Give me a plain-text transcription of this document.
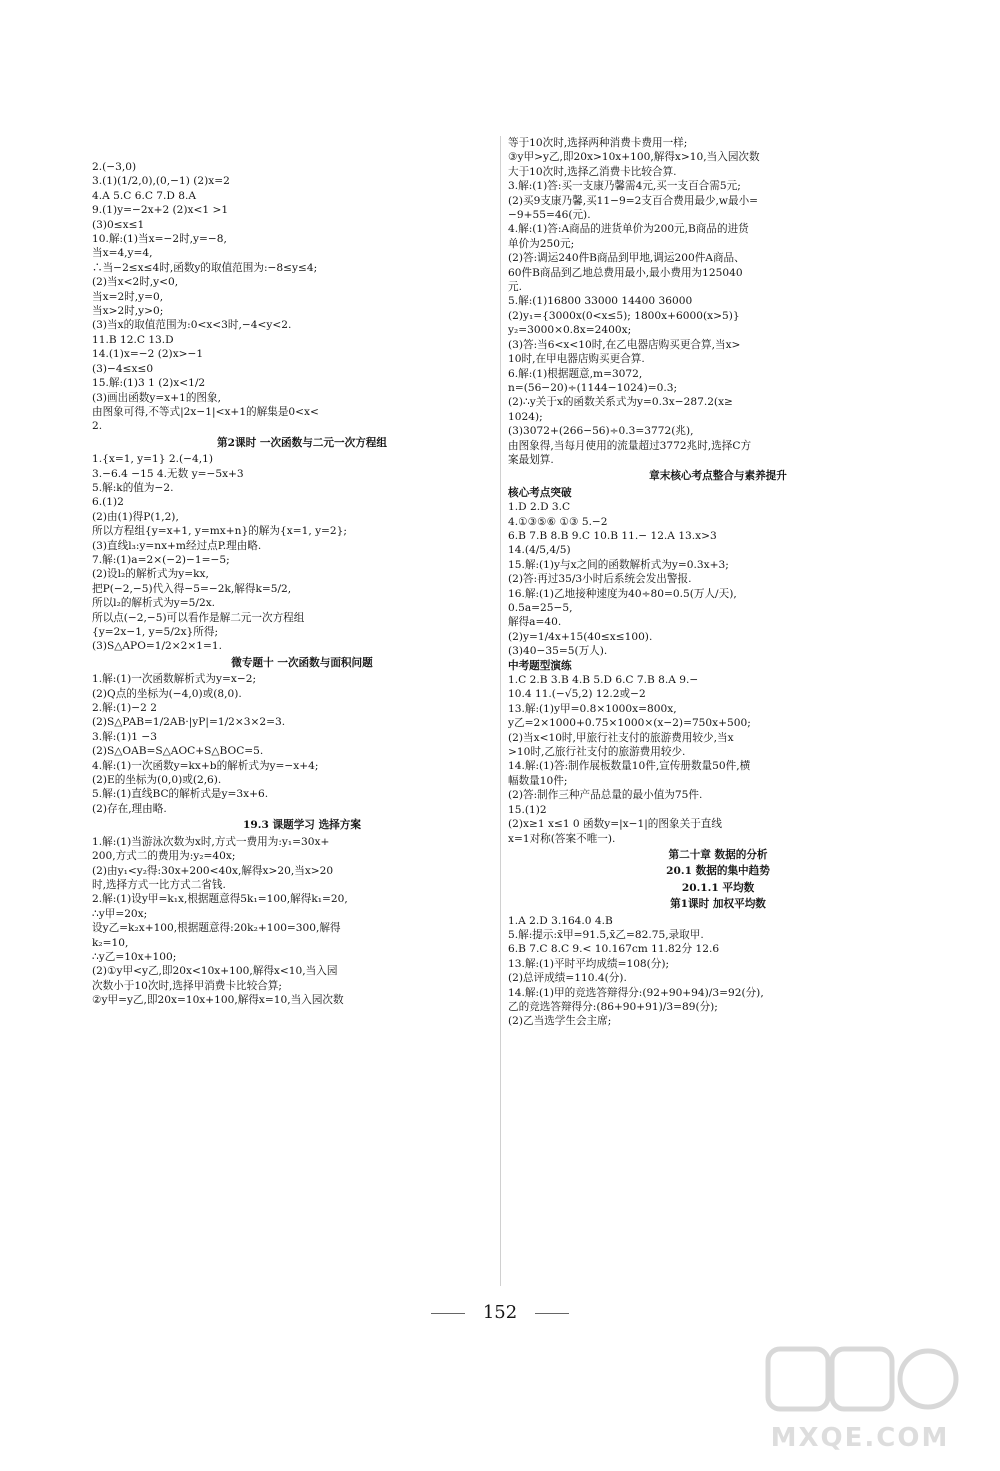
2.(−3,0)
3.(1)(1/2,0),(0,−1) (2)x=2
4.A 5.C 6.C 7.D 8.A
9.(1)y=−2x+2 (2)x<1 >1
(3)0≤x≤1
10.解:(1)当x=−2时,y=−8,
当x=4,y=4,
∴当−2≤x≤4时,函数y的取值范围为:−8≤y≤4;
(2)当x<2时,y<0,
当x=2时,y=0,
当x>2时,y>0;
(3)当x的取值范围为:0<x<3时,−4<y<2.
11.B 12.C 13.D
14.(1)x=−2 (2)x>−1
(3)−4≤x≤0
15.解:(1)3 1 (2)x<1/2
(3)画出函数y=x+1的图象,
由图象可得,不等式|2x−1|<x+1的解集是0<x<
2.
第2课时 一次函数与二元一次方程组
1.{x=1, y=1} 2.(−4,1)
3.−6.4 −15 4.无数 y=−5x+3
5.解:k的值为−2.
6.(1)2
(2)由(1)得P(1,2),
所以方程组{y=x+1, y=mx+n}的解为{x=1, y=2};
(3)直线l₃:y=nx+m经过点P.理由略.
7.解:(1)a=2×(−2)−1=−5;
(2)设l₂的解析式为y=kx,
把P(−2,−5)代入得−5=−2k,解得k=5/2,
所以l₂的解析式为y=5/2x.
所以点(−2,−5)可以看作是解二元一次方程组
{y=2x−1, y=5/2x}所得;
(3)S△APO=1/2×2×1=1.
微专题十 一次函数与面积问题
1.解:(1)一次函数解析式为y=x−2;
(2)Q点的坐标为(−4,0)或(8,0).
2.解:(1)−2 2
(2)S△PAB=1/2AB·|yP|=1/2×3×2=3.
3.解:(1)1 −3
(2)S△OAB=S△AOC+S△BOC=5.
4.解:(1)一次函数y=kx+b的解析式为y=−x+4;
(2)E的坐标为(0,0)或(2,6).
5.解:(1)直线BC的解析式是y=3x+6.
(2)存在,理由略.
19.3 课题学习 选择方案
1.解:(1)当游泳次数为x时,方式一费用为:y₁=30x+
200,方式二的费用为:y₂=40x;
(2)由y₁<y₂得:30x+200<40x,解得x>20,当x>20
时,选择方式一比方式二省钱.
2.解:(1)设y甲=k₁x,根据题意得5k₁=100,解得k₁=20,
∴y甲=20x;
设y乙=k₂x+100,根据题意得:20k₂+100=300,解得
k₂=10,
∴y乙=10x+100;
(2)①y甲<y乙,即20x<10x+100,解得x<10,当入园
次数小于10次时,选择甲消费卡比较合算;
②y甲=y乙,即20x=10x+100,解得x=10,当入园次数
等于10次时,选择两种消费卡费用一样;
③y甲>y乙,即20x>10x+100,解得x>10,当入园次数
大于10次时,选择乙消费卡比较合算.
3.解:(1)答:买一支康乃馨需4元,买一支百合需5元;
(2)买9支康乃馨,买11−9=2支百合费用最少,w最小=
−9+55=46(元).
4.解:(1)答:A商品的进货单价为200元,B商品的进货
单价为250元;
(2)答:调运240件B商品到甲地,调运200件A商品、
60件B商品到乙地总费用最小,最小费用为125040
元.
5.解:(1)16800 33000 14400 36000
(2)y₁={3000x(0<x≤5); 1800x+6000(x>5)}
y₂=3000×0.8x=2400x;
(3)答:当6<x<10时,在乙电器店购买更合算,当x>
10时,在甲电器店购买更合算.
6.解:(1)根据题意,m=3072,
n=(56−20)÷(1144−1024)=0.3;
(2)∴y关于x的函数关系式为y=0.3x−287.2(x≥
1024);
(3)3072+(266−56)÷0.3=3772(兆),
由图象得,当每月使用的流量超过3772兆时,选择C方
案最划算.
章末核心考点整合与素养提升
核心考点突破
1.D 2.D 3.C
4.①③⑤⑥ ①③ 5.−2
6.B 7.B 8.B 9.C 10.B 11.− 12.A 13.x>3
14.(4/5,4/5)
15.解:(1)y与x之间的函数解析式为y=0.3x+3;
(2)答:再过35/3小时后系统会发出警报.
16.解:(1)乙地接种速度为40÷80=0.5(万人/天),
0.5a=25−5,
解得a=40.
(2)y=1/4x+15(40≤x≤100).
(3)40−35=5(万人).
中考题型演练
1.C 2.B 3.B 4.B 5.D 6.C 7.B 8.A 9.−
10.4 11.(−√5,2) 12.2或−2
13.解:(1)y甲=0.8×1000x=800x,
y乙=2×1000+0.75×1000×(x−2)=750x+500;
(2)当x<10时,甲旅行社支付的旅游费用较少,当x
>10时,乙旅行社支付的旅游费用较少.
14.解:(1)答:制作展板数量10件,宣传册数量50件,横
幅数量10件;
(2)答:制作三种产品总量的最小值为75件.
15.(1)2
(2)x≥1 x≤1 0 函数y=|x−1|的图象关于直线
x=1对称(答案不唯一).
第二十章 数据的分析
20.1 数据的集中趋势
20.1.1 平均数
第1课时 加权平均数
1.A 2.D 3.164.0 4.B
5.解:提示:x̄甲=91.5,x̄乙=82.75,录取甲.
6.B 7.C 8.C 9.< 10.167cm 11.82分 12.6
13.解:(1)平时平均成绩=108(分);
(2)总评成绩=110.4(分).
14.解:(1)甲的竞选答辩得分:(92+90+94)/3=92(分),
乙的竞选答辩得分:(86+90+91)/3=89(分);
(2)乙当选学生会主席;
152
MXQE.COM
